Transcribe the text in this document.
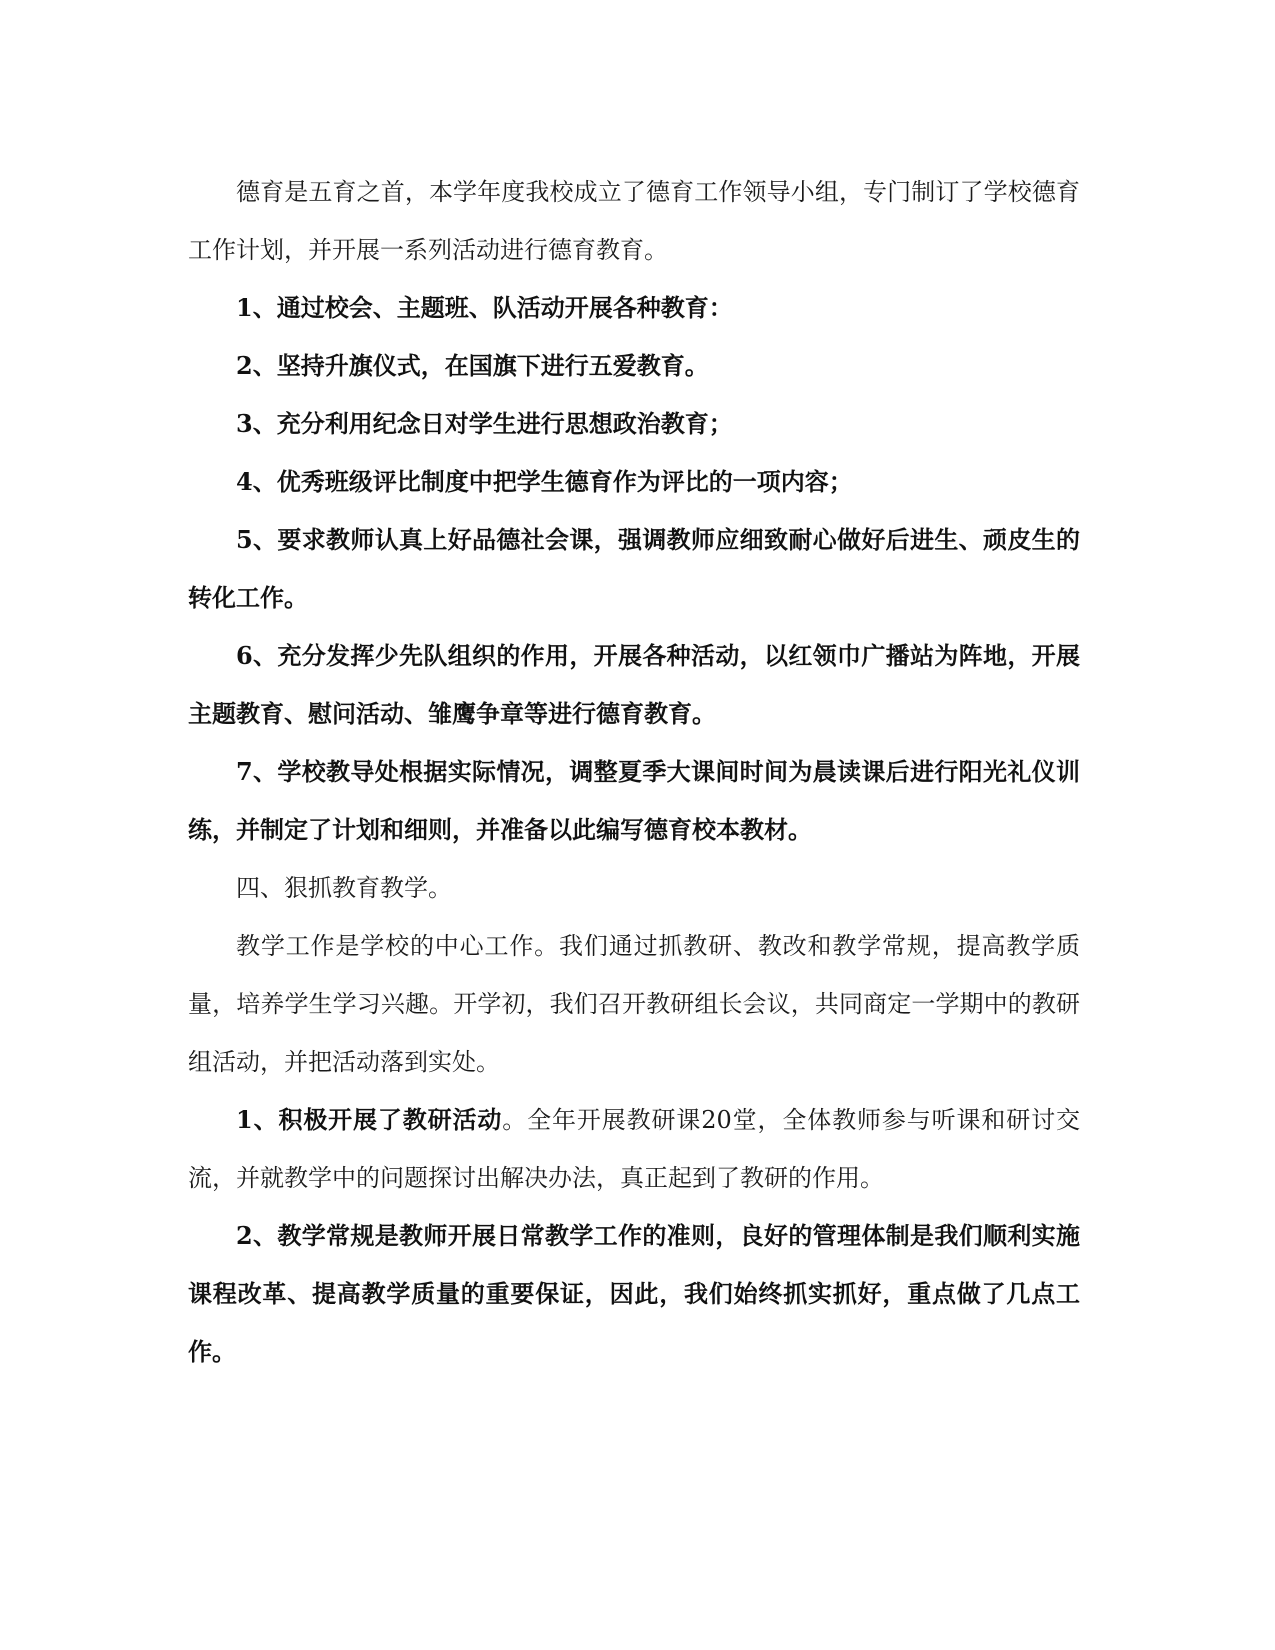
德育是五育之首，本学年度我校成立了德育工作领导小组，专门制订了学校德育工作计划，并开展一系列活动进行德育教育。

1、通过校会、主题班、队活动开展各种教育：

2、坚持升旗仪式，在国旗下进行五爱教育。

3、充分利用纪念日对学生进行思想政治教育；

4、优秀班级评比制度中把学生德育作为评比的一项内容；

5、要求教师认真上好品德社会课，强调教师应细致耐心做好后进生、顽皮生的转化工作。

6、充分发挥少先队组织的作用，开展各种活动，以红领巾广播站为阵地，开展主题教育、慰问活动、雏鹰争章等进行德育教育。

7、学校教导处根据实际情况，调整夏季大课间时间为晨读课后进行阳光礼仪训练，并制定了计划和细则，并准备以此编写德育校本教材。

四、狠抓教育教学。

教学工作是学校的中心工作。我们通过抓教研、教改和教学常规，提高教学质量，培养学生学习兴趣。开学初，我们召开教研组长会议，共同商定一学期中的教研组活动，并把活动落到实处。

1、积极开展了教研活动。全年开展教研课20堂，全体教师参与听课和研讨交流，并就教学中的问题探讨出解决办法，真正起到了教研的作用。

2、教学常规是教师开展日常教学工作的准则，良好的管理体制是我们顺利实施课程改革、提高教学质量的重要保证，因此，我们始终抓实抓好，重点做了几点工作。
